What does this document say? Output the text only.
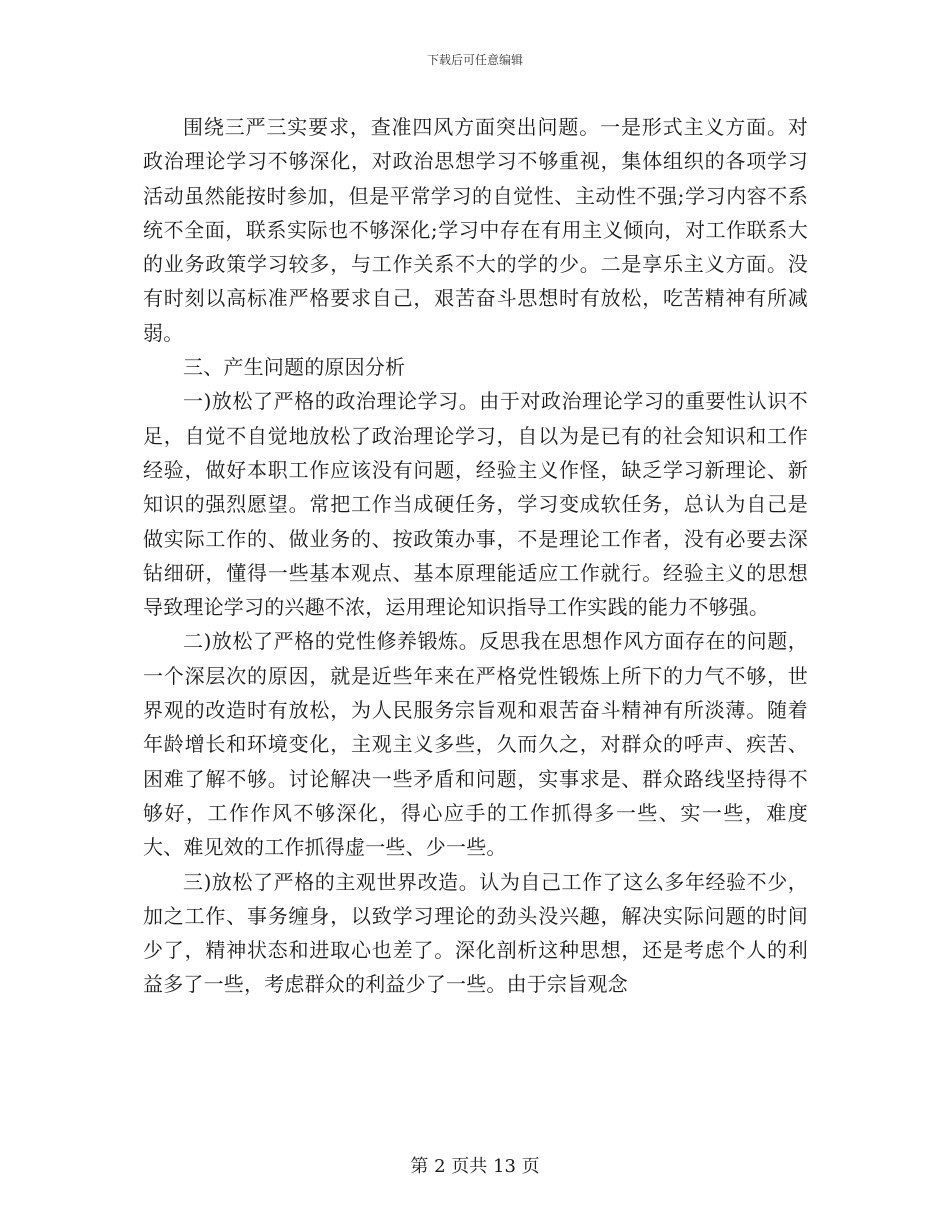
下载后可任意编辑

围绕三严三实要求，查准四风方面突出问题。一是形式主义方面。对政治理论学习不够深化，对政治思想学习不够重视，集体组织的各项学习活动虽然能按时参加，但是平常学习的自觉性、主动性不强;学习内容不系统不全面，联系实际也不够深化;学习中存在有用主义倾向，对工作联系大的业务政策学习较多，与工作关系不大的学的少。二是享乐主义方面。没有时刻以高标准严格要求自己，艰苦奋斗思想时有放松，吃苦精神有所减弱。

三、产生问题的原因分析

一)放松了严格的政治理论学习。由于对政治理论学习的重要性认识不足，自觉不自觉地放松了政治理论学习，自以为是已有的社会知识和工作经验，做好本职工作应该没有问题，经验主义作怪，缺乏学习新理论、新知识的强烈愿望。常把工作当成硬任务，学习变成软任务，总认为自己是做实际工作的、做业务的、按政策办事，不是理论工作者，没有必要去深钻细研，懂得一些基本观点、基本原理能适应工作就行。经验主义的思想导致理论学习的兴趣不浓，运用理论知识指导工作实践的能力不够强。

二)放松了严格的党性修养锻炼。反思我在思想作风方面存在的问题，一个深层次的原因，就是近些年来在严格党性锻炼上所下的力气不够，世界观的改造时有放松，为人民服务宗旨观和艰苦奋斗精神有所淡薄。随着年龄增长和环境变化，主观主义多些，久而久之，对群众的呼声、疾苦、困难了解不够。讨论解决一些矛盾和问题，实事求是、群众路线坚持得不够好，工作作风不够深化，得心应手的工作抓得多一些、实一些，难度大、难见效的工作抓得虚一些、少一些。

三)放松了严格的主观世界改造。认为自己工作了这么多年经验不少，加之工作、事务缠身，以致学习理论的劲头没兴趣，解决实际问题的时间少了，精神状态和进取心也差了。深化剖析这种思想，还是考虑个人的利益多了一些，考虑群众的利益少了一些。由于宗旨观念

第 2 页共 13 页
